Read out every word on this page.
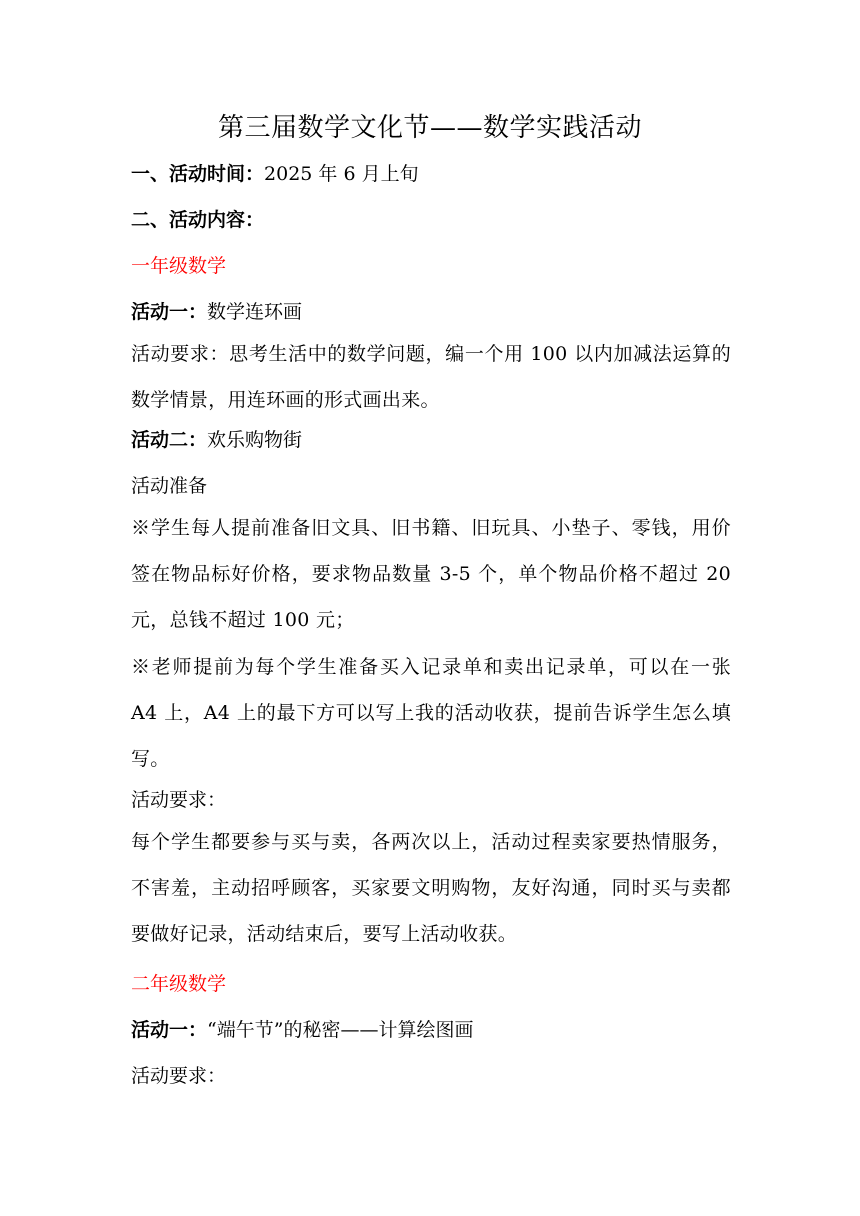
第三届数学文化节——数学实践活动
一、活动时间：2025 年 6 月上旬
二、活动内容：
一年级数学
活动一：数学连环画
活动要求：思考生活中的数学问题，编一个用 100 以内加减法运算的
数学情景，用连环画的形式画出来。
活动二：欢乐购物街
活动准备
※学生每人提前准备旧文具、旧书籍、旧玩具、小垫子、零钱，用价
签在物品标好价格，要求物品数量 3-5 个，单个物品价格不超过 20
元，总钱不超过 100 元；
※老师提前为每个学生准备买入记录单和卖出记录单，可以在一张
A4 上，A4 上的最下方可以写上我的活动收获，提前告诉学生怎么填
写。
活动要求：
每个学生都要参与买与卖，各两次以上，活动过程卖家要热情服务，
不害羞，主动招呼顾客，买家要文明购物，友好沟通，同时买与卖都
要做好记录，活动结束后，要写上活动收获。
二年级数学
活动一：“端午节”的秘密——计算绘图画
活动要求：
